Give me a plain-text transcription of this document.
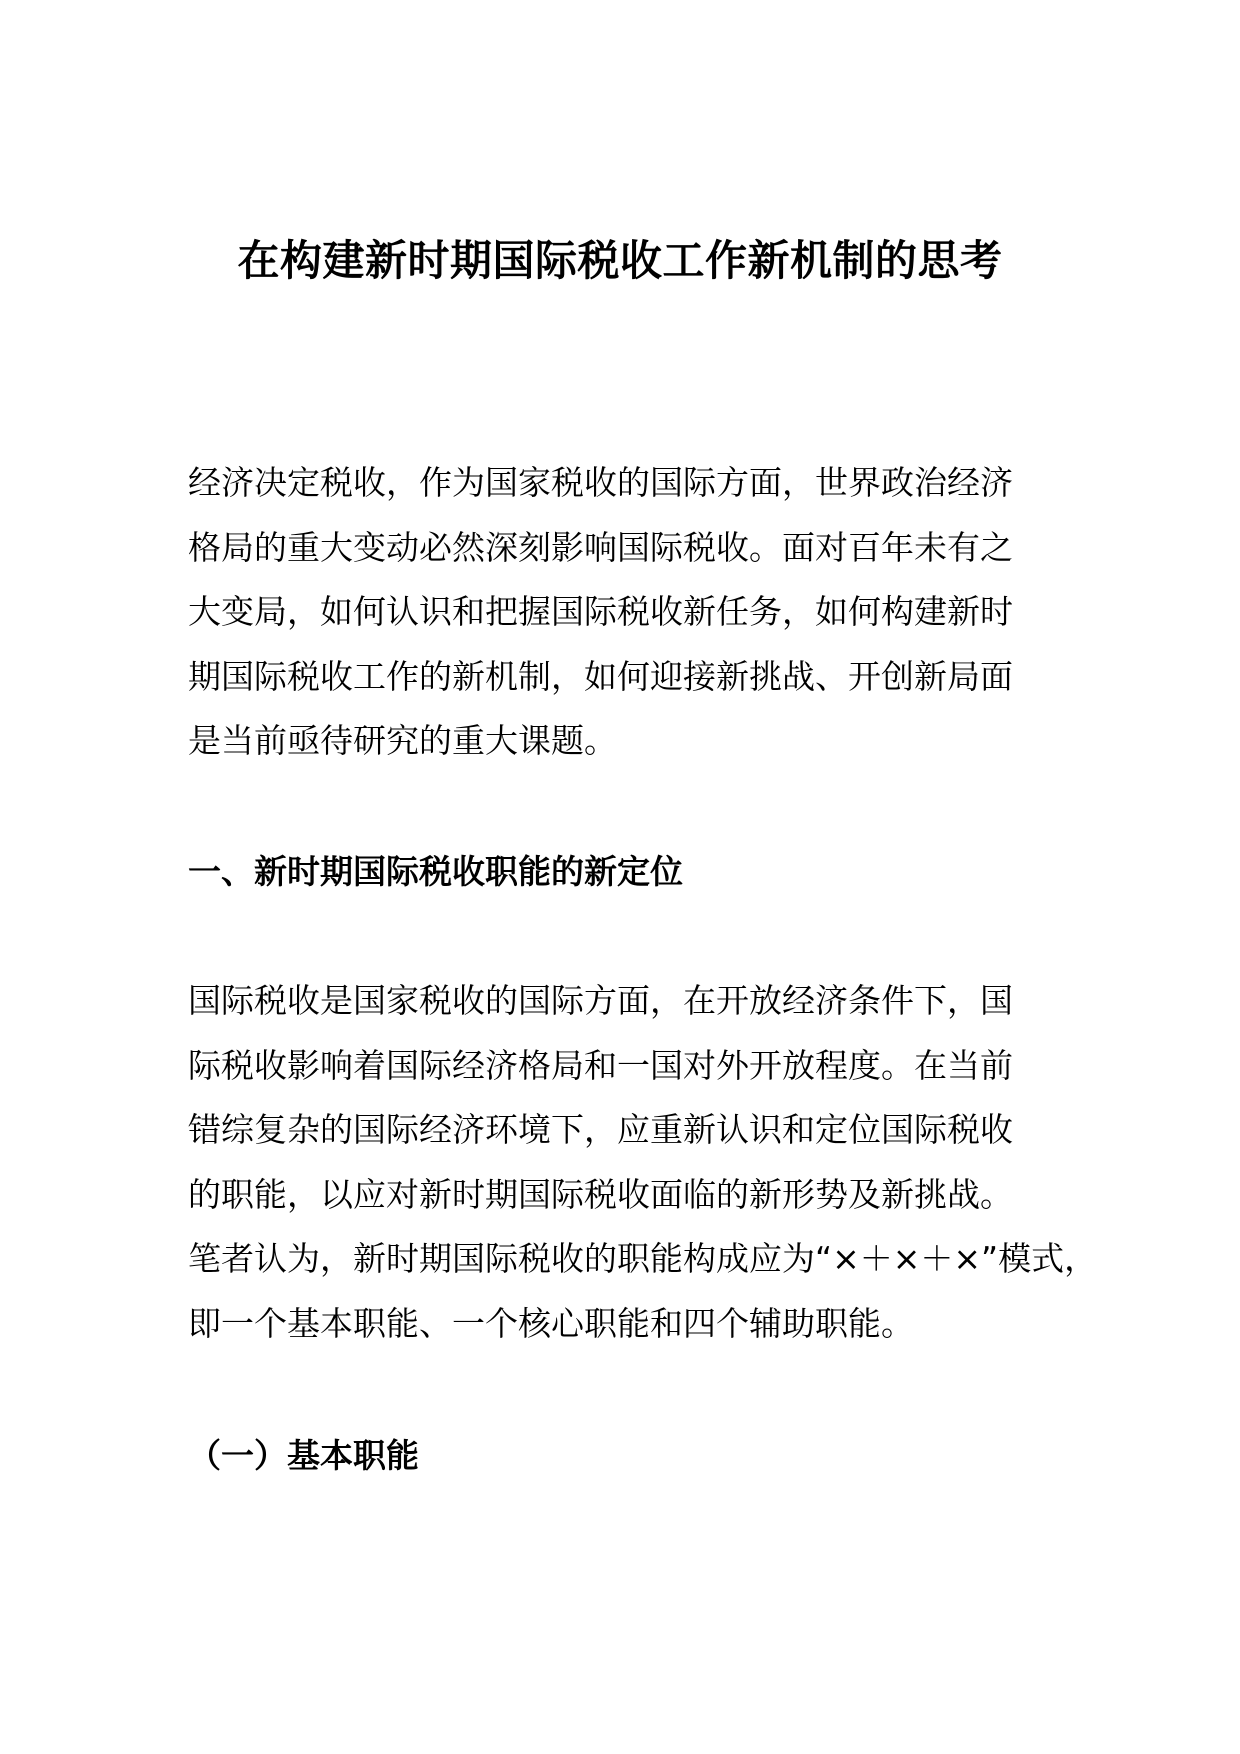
在构建新时期国际税收工作新机制的思考

经济决定税收，作为国家税收的国际方面，世界政治经济
格局的重大变动必然深刻影响国际税收。面对百年未有之
大变局，如何认识和把握国际税收新任务，如何构建新时
期国际税收工作的新机制，如何迎接新挑战、开创新局面
是当前亟待研究的重大课题。

一、新时期国际税收职能的新定位

国际税收是国家税收的国际方面，在开放经济条件下，国
际税收影响着国际经济格局和一国对外开放程度。在当前
错综复杂的国际经济环境下，应重新认识和定位国际税收
的职能，以应对新时期国际税收面临的新形势及新挑战。
笔者认为，新时期国际税收的职能构成应为“×＋×＋×”模式，
即一个基本职能、一个核心职能和四个辅助职能。

（一）基本职能
